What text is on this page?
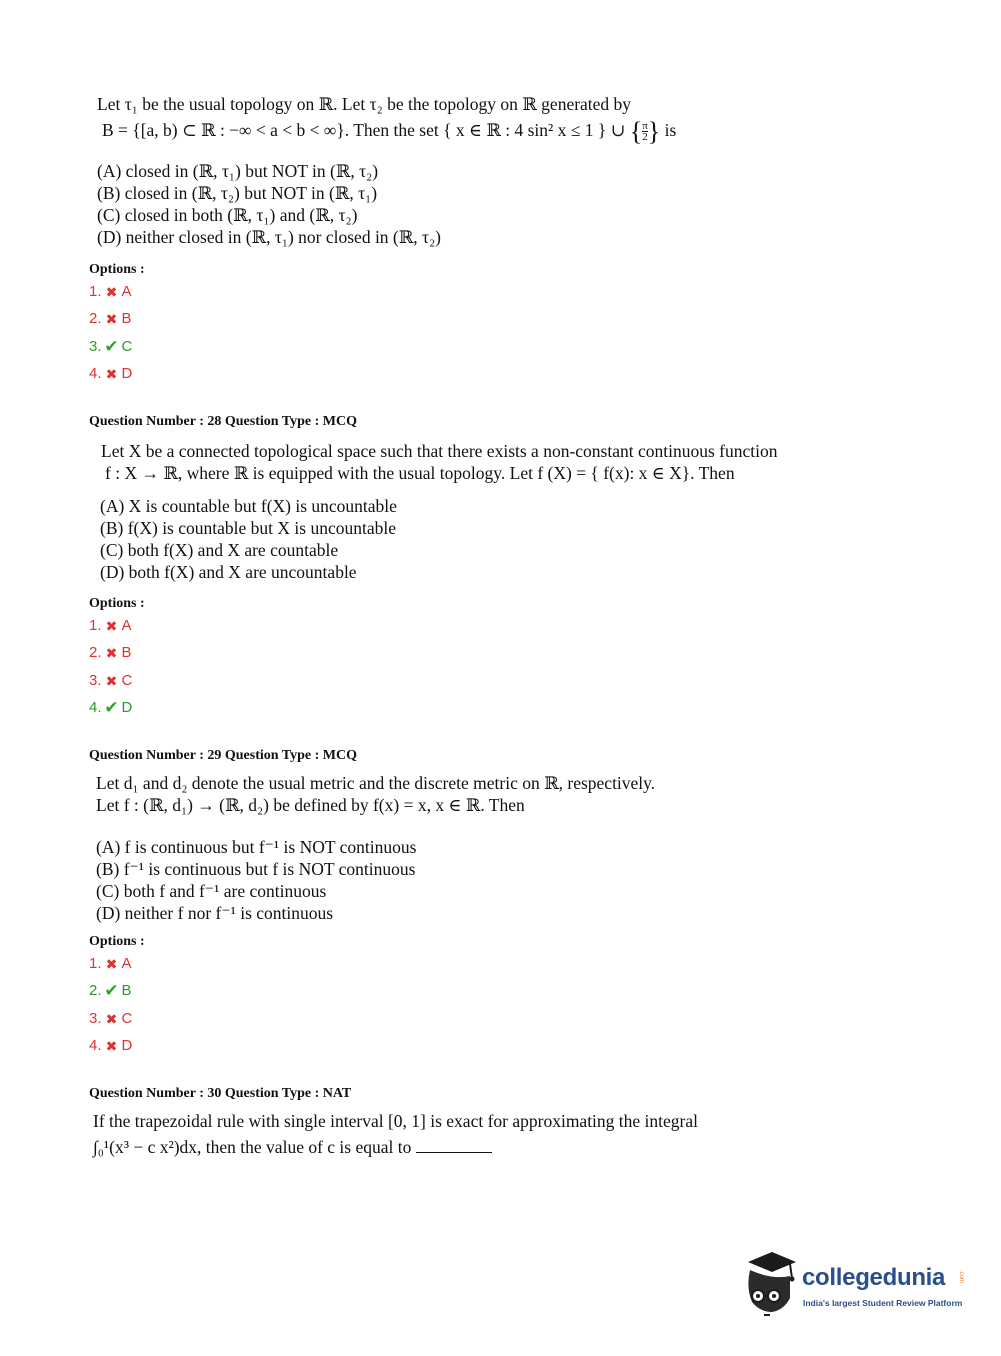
Let τ₁ be the usual topology on ℝ. Let τ₂ be the topology on ℝ generated by
B = {[a, b) ⊂ ℝ : −∞ < a < b < ∞}. Then the set { x ∈ ℝ : 4 sin² x ≤ 1 } ∪ $\{\frac{\pi}{2}\}$ is
(A) closed in (ℝ, τ₁) but NOT in (ℝ, τ₂)
(B) closed in (ℝ, τ₂) but NOT in (ℝ, τ₁)
(C) closed in both (ℝ, τ₁) and (ℝ, τ₂)
(D) neither closed in (ℝ, τ₁) nor closed in (ℝ, τ₂)
Options :
1. ✖ A
2. ✖ B
3. ✔ C
4. ✖ D
Question Number : 28 Question Type : MCQ
Let X be a connected topological space such that there exists a non-constant continuous function
f : X → ℝ, where ℝ is equipped with the usual topology. Let f (X) = { f(x): x ∈ X}. Then
(A) X is countable but f(X) is uncountable
(B) f(X) is countable but X is uncountable
(C) both f(X) and X are countable
(D) both f(X) and X are uncountable
Options :
1. ✖ A
2. ✖ B
3. ✖ C
4. ✔ D
Question Number : 29 Question Type : MCQ
Let d₁ and d₂ denote the usual metric and the discrete metric on ℝ, respectively.
Let f : (ℝ, d₁) → (ℝ, d₂) be defined by f(x) = x, x ∈ ℝ. Then
(A) f is continuous but f⁻¹ is NOT continuous
(B) f⁻¹ is continuous but f is NOT continuous
(C) both f and f⁻¹ are continuous
(D) neither f nor f⁻¹ is continuous
Options :
1. ✖ A
2. ✔ B
3. ✖ C
4. ✖ D
Question Number : 30 Question Type : NAT
If the trapezoidal rule with single interval [0, 1] is exact for approximating the integral
∫₀¹(x³ − c x²)dx, then the value of c is equal to
collegedunia .com
India's largest Student Review Platform
